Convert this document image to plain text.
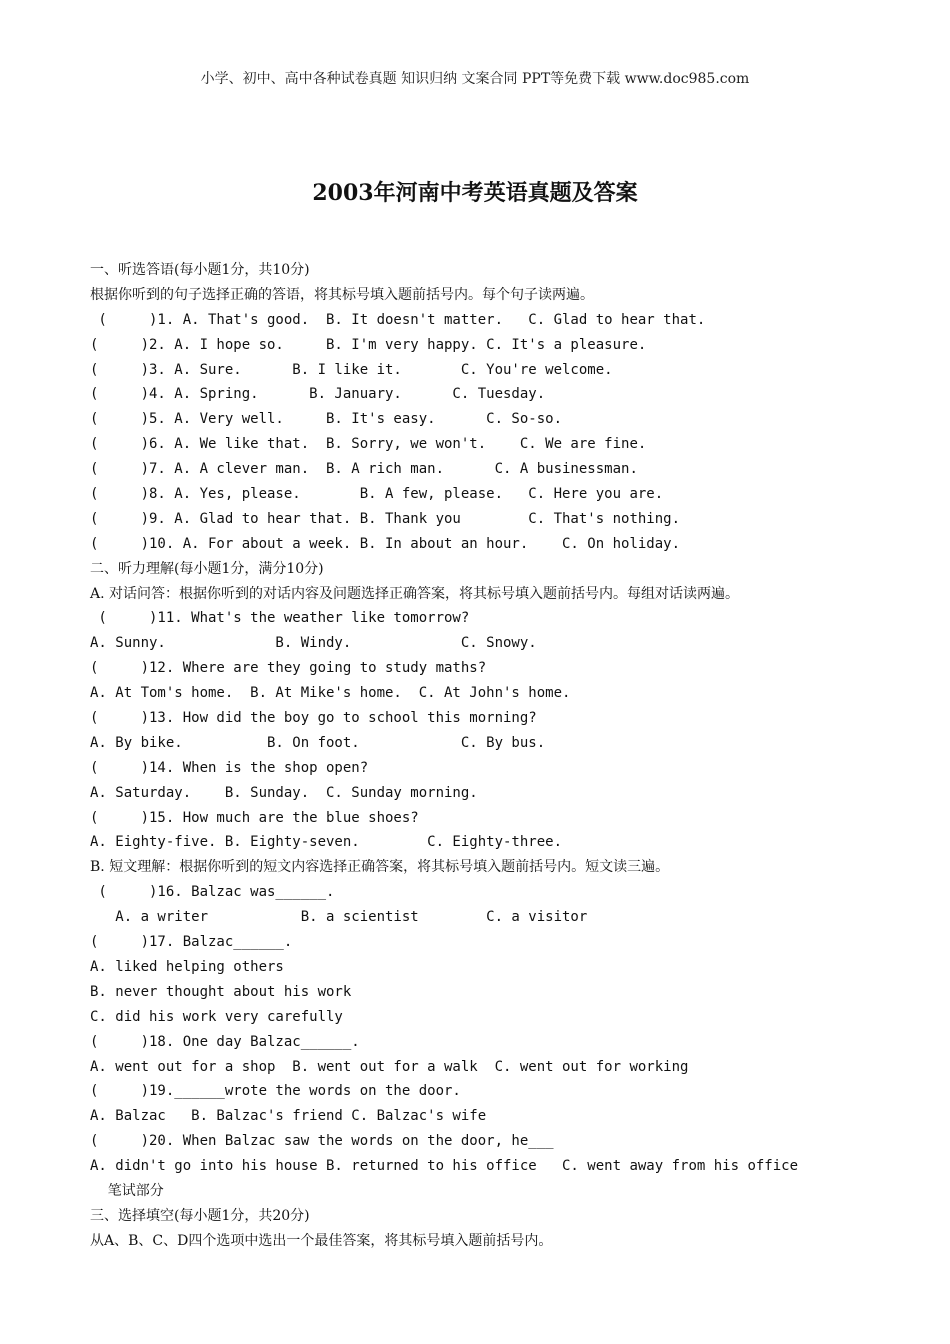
小学、初中、高中各种试卷真题 知识归纳 文案合同 PPT等免费下载 www.doc985.com
2003年河南中考英语真题及答案
一、听选答语(每小题1分，共10分)
根据你听到的句子选择正确的答语，将其标号填入题前括号内。每个句子读两遍。
(     )1. A. That's good.  B. It doesn't matter.   C. Glad to hear that.
(     )2. A. I hope so.     B. I'm very happy. C. It's a pleasure.
(     )3. A. Sure.      B. I like it.       C. You're welcome.
(     )4. A. Spring.      B. January.      C. Tuesday.
(     )5. A. Very well.     B. It's easy.      C. So-so.
(     )6. A. We like that.  B. Sorry, we won't.    C. We are fine.
(     )7. A. A clever man.  B. A rich man.      C. A businessman.
(     )8. A. Yes, please.       B. A few, please.   C. Here you are.
(     )9. A. Glad to hear that. B. Thank you        C. That's nothing.
(     )10. A. For about a week. B. In about an hour.    C. On holiday.
二、听力理解(每小题1分，满分10分)
A. 对话问答：根据你听到的对话内容及问题选择正确答案，将其标号填入题前括号内。每组对话读两遍。
(     )11. What's the weather like tomorrow?
A. Sunny.             B. Windy.             C. Snowy.
(     )12. Where are they going to study maths?
A. At Tom's home.  B. At Mike's home.  C. At John's home.
(     )13. How did the boy go to school this morning?
A. By bike.          B. On foot.            C. By bus.
(     )14. When is the shop open?
A. Saturday.    B. Sunday.  C. Sunday morning.
(     )15. How much are the blue shoes?
A. Eighty-five. B. Eighty-seven.        C. Eighty-three.
B. 短文理解：根据你听到的短文内容选择正确答案，将其标号填入题前括号内。短文读三遍。
(     )16. Balzac was______.
A. a writer           B. a scientist        C. a visitor
(     )17. Balzac______.
A. liked helping others
B. never thought about his work
C. did his work very carefully
(     )18. One day Balzac______.
A. went out for a shop  B. went out for a walk  C. went out for working
(     )19.______wrote the words on the door.
A. Balzac   B. Balzac's friend C. Balzac's wife
(     )20. When Balzac saw the words on the door, he___
A. didn't go into his house B. returned to his office   C. went away from his office
笔试部分
三、选择填空(每小题1分，共20分)
从A、B、C、D四个选项中选出一个最佳答案，将其标号填入题前括号内。
